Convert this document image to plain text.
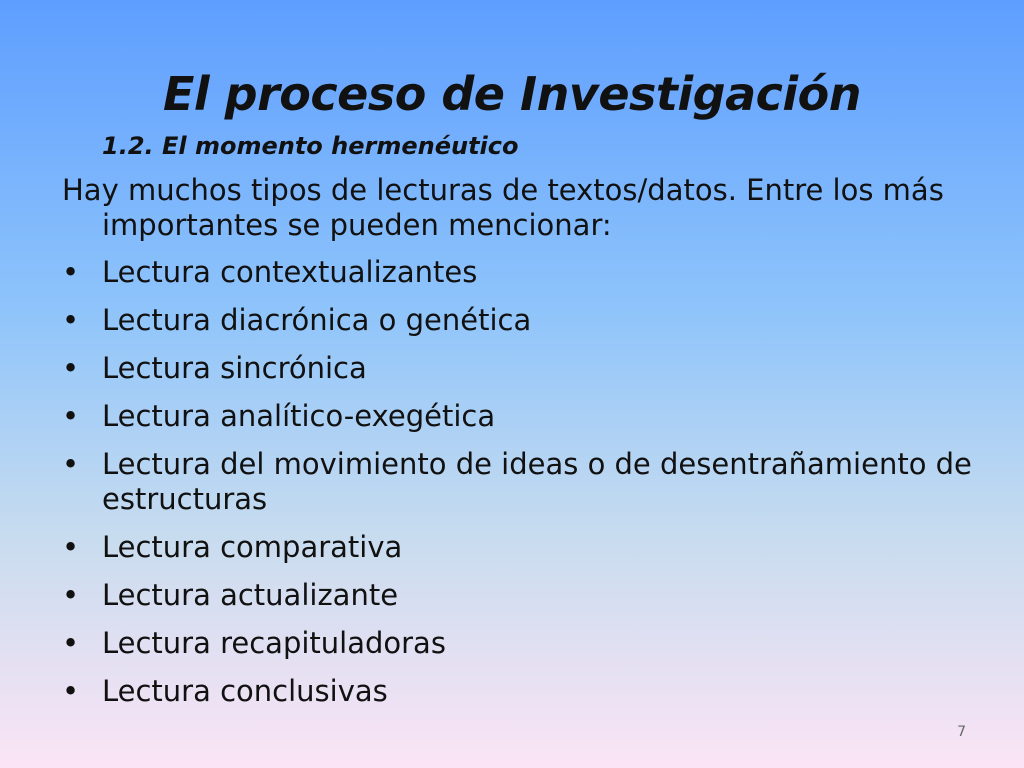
El proceso de Investigación
1.2. El momento hermenéutico

Hay muchos tipos de lecturas de textos/datos. Entre los más importantes se pueden mencionar:

• Lectura contextualizantes
• Lectura diacrónica o genética
• Lectura sincrónica
• Lectura analítico-exegética
• Lectura del movimiento de ideas o de desentrañamiento de estructuras
• Lectura comparativa
• Lectura actualizante
• Lectura recapituladoras
• Lectura conclusivas
7
